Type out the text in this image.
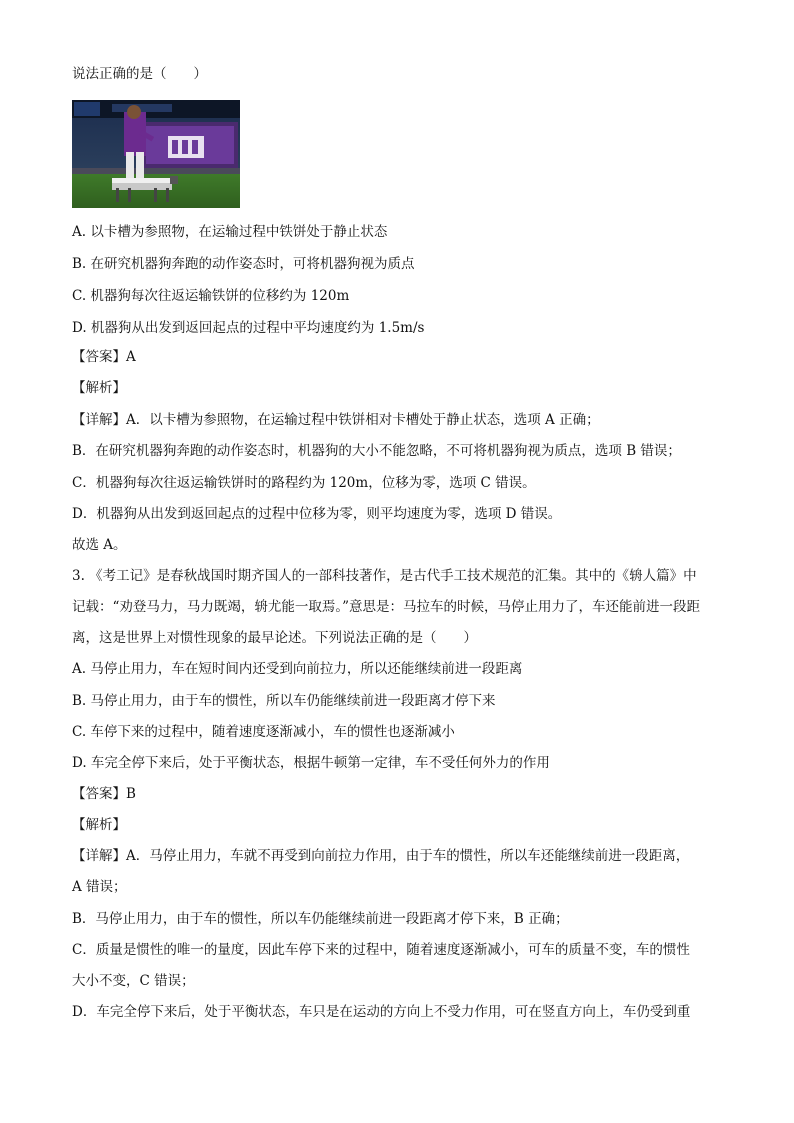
说法正确的是（　　）
A. 以卡槽为参照物，在运输过程中铁饼处于静止状态
B. 在研究机器狗奔跑的动作姿态时，可将机器狗视为质点
C. 机器狗每次往返运输铁饼的位移约为 120m
D. 机器狗从出发到返回起点的过程中平均速度约为 1.5m/s
【答案】A
【解析】
【详解】A．以卡槽为参照物，在运输过程中铁饼相对卡槽处于静止状态，选项 A 正确；
B．在研究机器狗奔跑的动作姿态时，机器狗的大小不能忽略，不可将机器狗视为质点，选项 B 错误；
C．机器狗每次往返运输铁饼时的路程约为 120m，位移为零，选项 C 错误。
D．机器狗从出发到返回起点的过程中位移为零，则平均速度为零，选项 D 错误。
故选 A。
3. 《考工记》是春秋战国时期齐国人的一部科技著作，是古代手工技术规范的汇集。其中的《辀人篇》中
记载：“劝登马力，马力既竭，辀尤能一取焉。”意思是：马拉车的时候，马停止用力了，车还能前进一段距
离，这是世界上对惯性现象的最早论述。下列说法正确的是（　　）
A. 马停止用力，车在短时间内还受到向前拉力，所以还能继续前进一段距离
B. 马停止用力，由于车的惯性，所以车仍能继续前进一段距离才停下来
C. 车停下来的过程中，随着速度逐渐减小，车的惯性也逐渐减小
D. 车完全停下来后，处于平衡状态，根据牛顿第一定律，车不受任何外力的作用
【答案】B
【解析】
【详解】A．马停止用力，车就不再受到向前拉力作用，由于车的惯性，所以车还能继续前进一段距离，
A 错误；
B．马停止用力，由于车的惯性，所以车仍能继续前进一段距离才停下来，B 正确；
C．质量是惯性的唯一的量度，因此车停下来的过程中，随着速度逐渐减小，可车的质量不变，车的惯性
大小不变，C 错误；
D．车完全停下来后，处于平衡状态，车只是在运动的方向上不受力作用，可在竖直方向上，车仍受到重
